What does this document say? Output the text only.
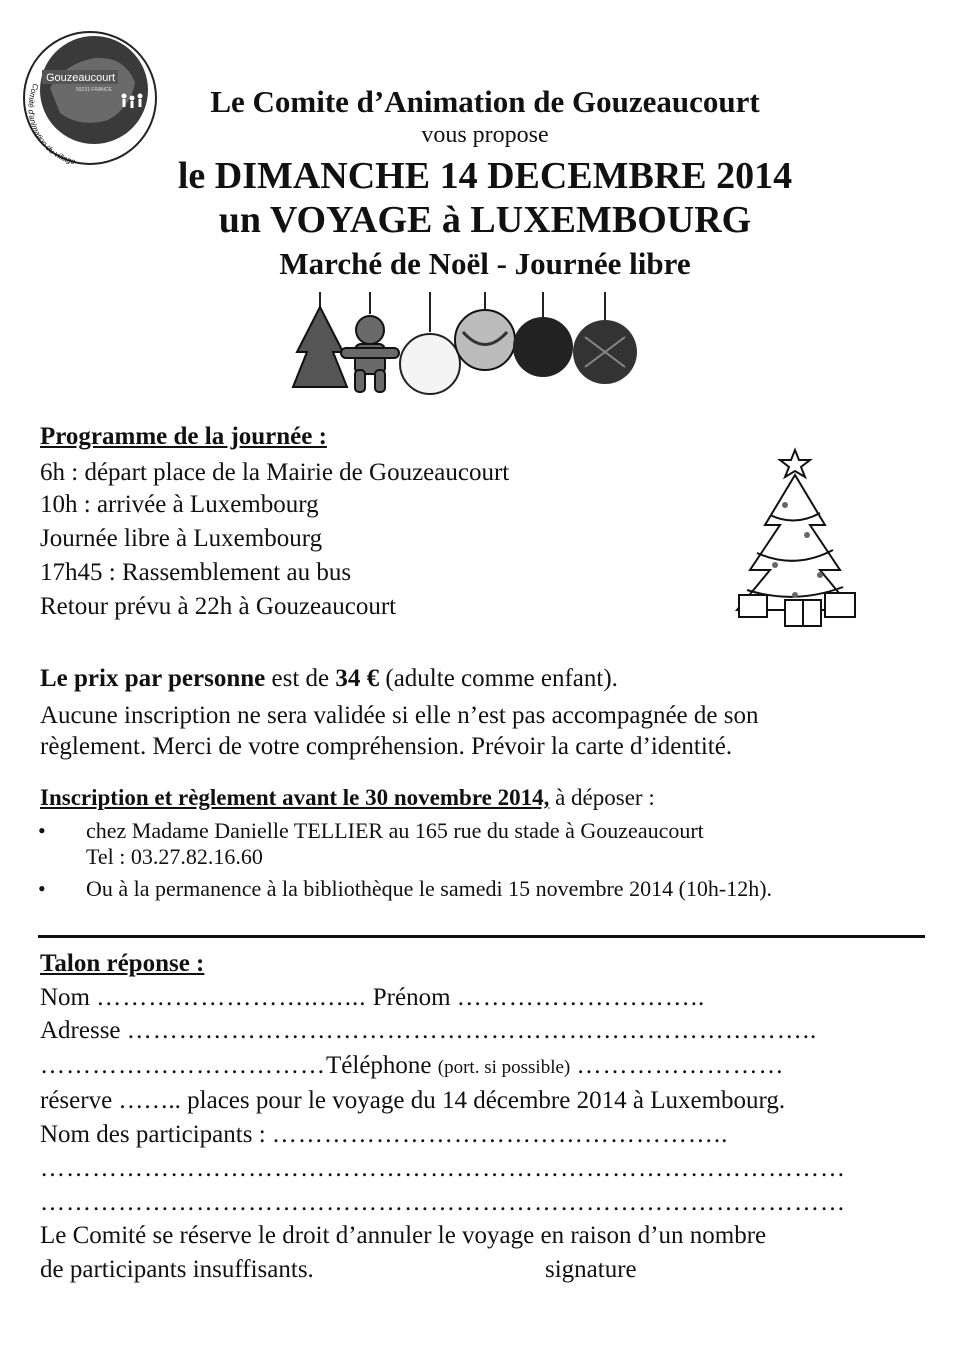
Gouzeaucourt
59231 FRANCE
Comité d'animation du village
Le Comite d’Animation de Gouzeaucourt
vous propose
le DIMANCHE 14 DECEMBRE 2014
un VOYAGE à LUXEMBOURG
Marché de Noël - Journée libre
Programme de la journée :
6h : départ place de la Mairie de Gouzeaucourt
10h : arrivée à Luxembourg
Journée libre à Luxembourg
17h45 : Rassemblement au bus
Retour prévu à 22h à Gouzeaucourt
Le prix par personne est de 34 € (adulte comme enfant).
Aucune inscription ne sera validée si elle n’est pas accompagnée de son
règlement. Merci de votre compréhension. Prévoir la carte d’identité.
Inscription et règlement avant le 30 novembre 2014, à déposer :
• chez Madame Danielle TELLIER au 165 rue du stade à Gouzeaucourt
Tel : 03.27.82.16.60
• Ou à la permanence à la bibliothèque le samedi 15 novembre 2014 (10h-12h).
Talon réponse :
Nom ……………………..…... Prénom ………………………..
Adresse ……………………………………………………………………..
……………………………Téléphone (port. si possible) ……………………
réserve …….. places pour le voyage du 14 décembre 2014 à Luxembourg.
Nom des participants : ……………………………………………..
…………………………………………………………………………………
…………………………………………………………………………………
Le Comité se réserve le droit d’annuler le voyage en raison d’un nombre
de participants insuffisants.	signature
